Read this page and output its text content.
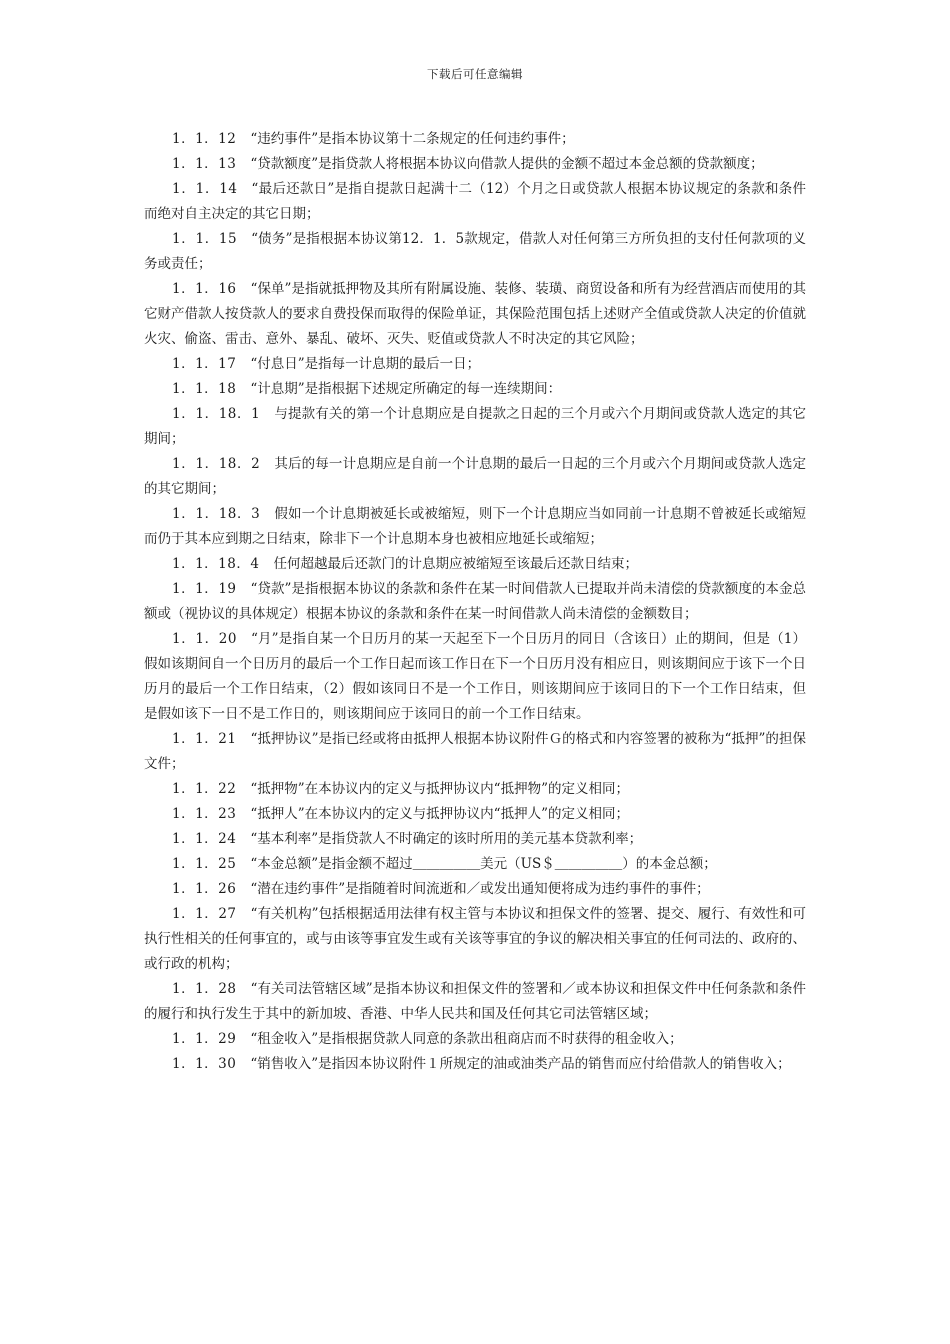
下载后可任意编辑

1．1．12 “违约事件”是指本协议第十二条规定的任何违约事件；

1．1．13 “贷款额度”是指贷款人将根据本协议向借款人提供的金额不超过本金总额的贷款额度；

1．1．14 “最后还款日”是指自提款日起满十二（12）个月之日或贷款人根据本协议规定的条款和条件而绝对自主决定的其它日期；

1．1．15 “债务”是指根据本协议第12．1．5款规定，借款人对任何第三方所负担的支付任何款项的义务或责任；

1．1．16 “保单”是指就抵押物及其所有附属设施、装修、装璜、商贸设备和所有为经营酒店而使用的其它财产借款人按贷款人的要求自费投保而取得的保险单证，其保险范围包括上述财产全值或贷款人决定的价值就火灾、偷盗、雷击、意外、暴乱、破坏、灭失、贬值或贷款人不时决定的其它风险；

1．1．17 “付息日”是指每一计息期的最后一日；

1．1．18 “计息期”是指根据下述规定所确定的每一连续期间：

1．1．18．1 与提款有关的第一个计息期应是自提款之日起的三个月或六个月期间或贷款人选定的其它期间；

1．1．18．2 其后的每一计息期应是自前一个计息期的最后一日起的三个月或六个月期间或贷款人选定的其它期间；

1．1．18．3 假如一个计息期被延长或被缩短，则下一个计息期应当如同前一计息期不曾被延长或缩短而仍于其本应到期之日结束，除非下一个计息期本身也被相应地延长或缩短；

1．1．18．4 任何超越最后还款门的计息期应被缩短至该最后还款日结束；

1．1．19 “贷款”是指根据本协议的条款和条件在某一时间借款人已提取并尚未清偿的贷款额度的本金总额或（视协议的具体规定）根据本协议的条款和条件在某一时间借款人尚未清偿的金额数目；

1．1．20 “月”是指自某一个日历月的某一天起至下一个日历月的同日（含该日）止的期间，但是（1）假如该期间自一个日历月的最后一个工作日起而该工作日在下一个日历月没有相应日，则该期间应于该下一个日历月的最后一个工作日结束，（2）假如该同日不是一个工作日，则该期间应于该同日的下一个工作日结束，但是假如该下一日不是工作日的，则该期间应于该同日的前一个工作日结束。

1．1．21 “抵押协议”是指已经或将由抵押人根据本协议附件Ｇ的格式和内容签署的被称为“抵押”的担保文件；

1．1．22 “抵押物”在本协议内的定义与抵押协议内“抵押物”的定义相同；

1．1．23 “抵押人”在本协议内的定义与抵押协议内“抵押人”的定义相同；

1．1．24 “基本利率”是指贷款人不时确定的该时所用的美元基本贷款利率；

1．1．25 “本金总额”是指金额不超过＿＿＿＿＿美元（US＄＿＿＿＿＿）的本金总额；

1．1．26 “潜在违约事件”是指随着时间流逝和／或发出通知便将成为违约事件的事件；

1．1．27 “有关机构”包括根据适用法律有权主管与本协议和担保文件的签署、提交、履行、有效性和可执行性相关的任何事宜的，或与由该等事宜发生或有关该等事宜的争议的解决相关事宜的任何司法的、政府的、或行政的机构；

1．1．28 “有关司法管辖区域”是指本协议和担保文件的签署和／或本协议和担保文件中任何条款和条件的履行和执行发生于其中的新加坡、香港、中华人民共和国及任何其它司法管辖区域；

1．1．29 “租金收入”是指根据贷款人同意的条款出租商店而不时获得的租金收入；

1．1．30 “销售收入”是指因本协议附件１所规定的油或油类产品的销售而应付给借款人的销售收入；
